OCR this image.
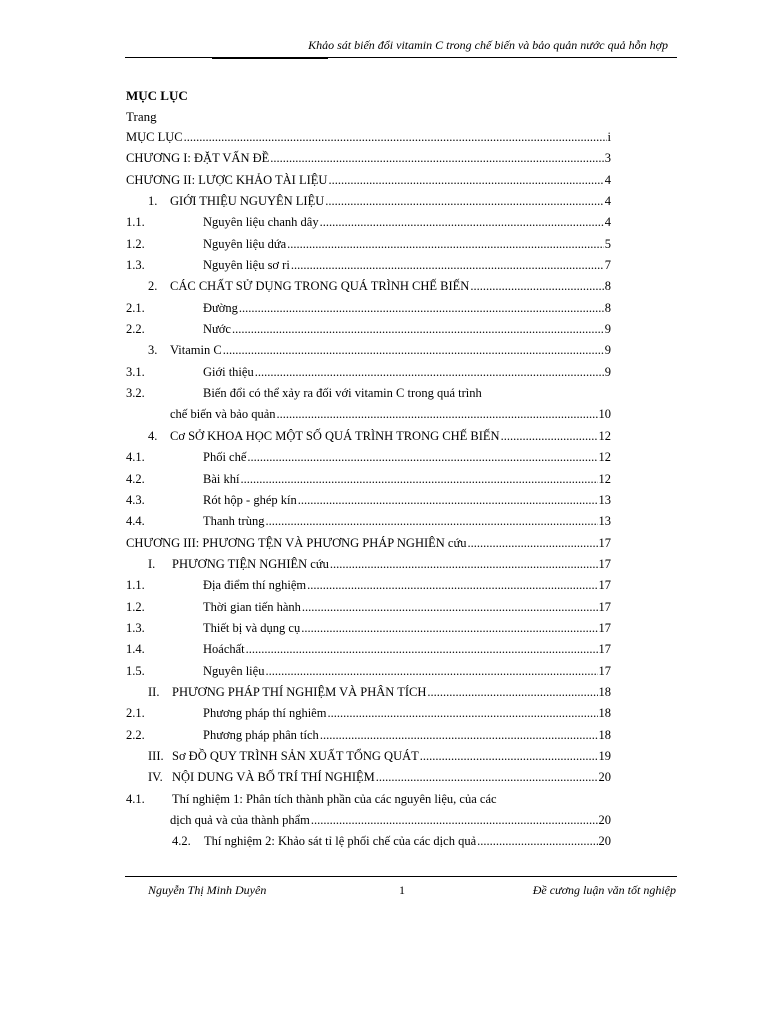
Khảo sát biến đổi vitamin C trong chế biến và bảo quản nước quả hỗn hợp
MỤC LỤC
Trang
MỤC LỤC .....	i
CHƯƠNG I: ĐẶT VẤN ĐỀ .....	3
CHƯƠNG II: LƯỢC KHẢO TÀI LIỆU .....	4
1. GIỚI THIỆU NGUYÊN LIỆU .....	4
1.1.	Nguyên liệu chanh dây .....	4
1.2.	Nguyên liệu dứa .....	5
1.3.	Nguyên liệu sơ ri .....	7
2. CÁC CHẤT SỬ DỤNG TRONG QUÁ TRÌNH CHẾ BIẾN .....	8
2.1.	Đường .....	8
2.2.	Nước .....	9
3. Vitamin C .....	9
3.1.	Giới thiệu .....	9
3.2.	Biến đổi có thể xảy ra đối với vitamin C trong quá trình
chế biến và bảo quản .....	10
4. Cơ SỞ KHOA HỌC MỘT SỐ QUÁ TRÌNH TRONG CHẾ BIẾN .....	12
4.1.	Phối chế .....	12
4.2.	Bài khí .....	12
4.3.	Rót hộp - ghép kín .....	13
4.4.	Thanh trùng .....	13
CHƯƠNG III: PHƯƠNG TỆN VÀ PHƯƠNG PHÁP NGHIÊN cứu .....	17
I. PHƯƠNG TIỆN NGHIÊN cứu .....	17
1.1.	Địa điểm thí nghiệm .....	17
1.2.	Thời gian tiến hành .....	17
1.3.	Thiết bị và dụng cụ .....	17
1.4.	Hoáchất .....	17
1.5.	Nguyên liệu .....	17
II. PHƯƠNG PHÁP THÍ NGHIỆM VÀ PHÂN TÍCH .....	18
2.1.	Phương pháp thí nghiêm .....	18
2.2.	Phương pháp phân tích .....	18
III. Sơ ĐỒ QUY TRÌNH SẢN XUẤT TỔNG QUÁT .....	19
IV. NỘI DUNG VÀ BỐ TRÍ THÍ NGHIỆM .....	20
4.1. Thí nghiệm 1: Phân tích thành phần của các nguyên liệu, của các
dịch quả và của thành phẩm .....	20
4.2. Thí nghiệm 2: Khảo sát tỉ lệ phối chế của các dịch quả .....	20
Nguyễn Thị Minh Duyên	1	Đề cương luận văn tốt nghiệp
